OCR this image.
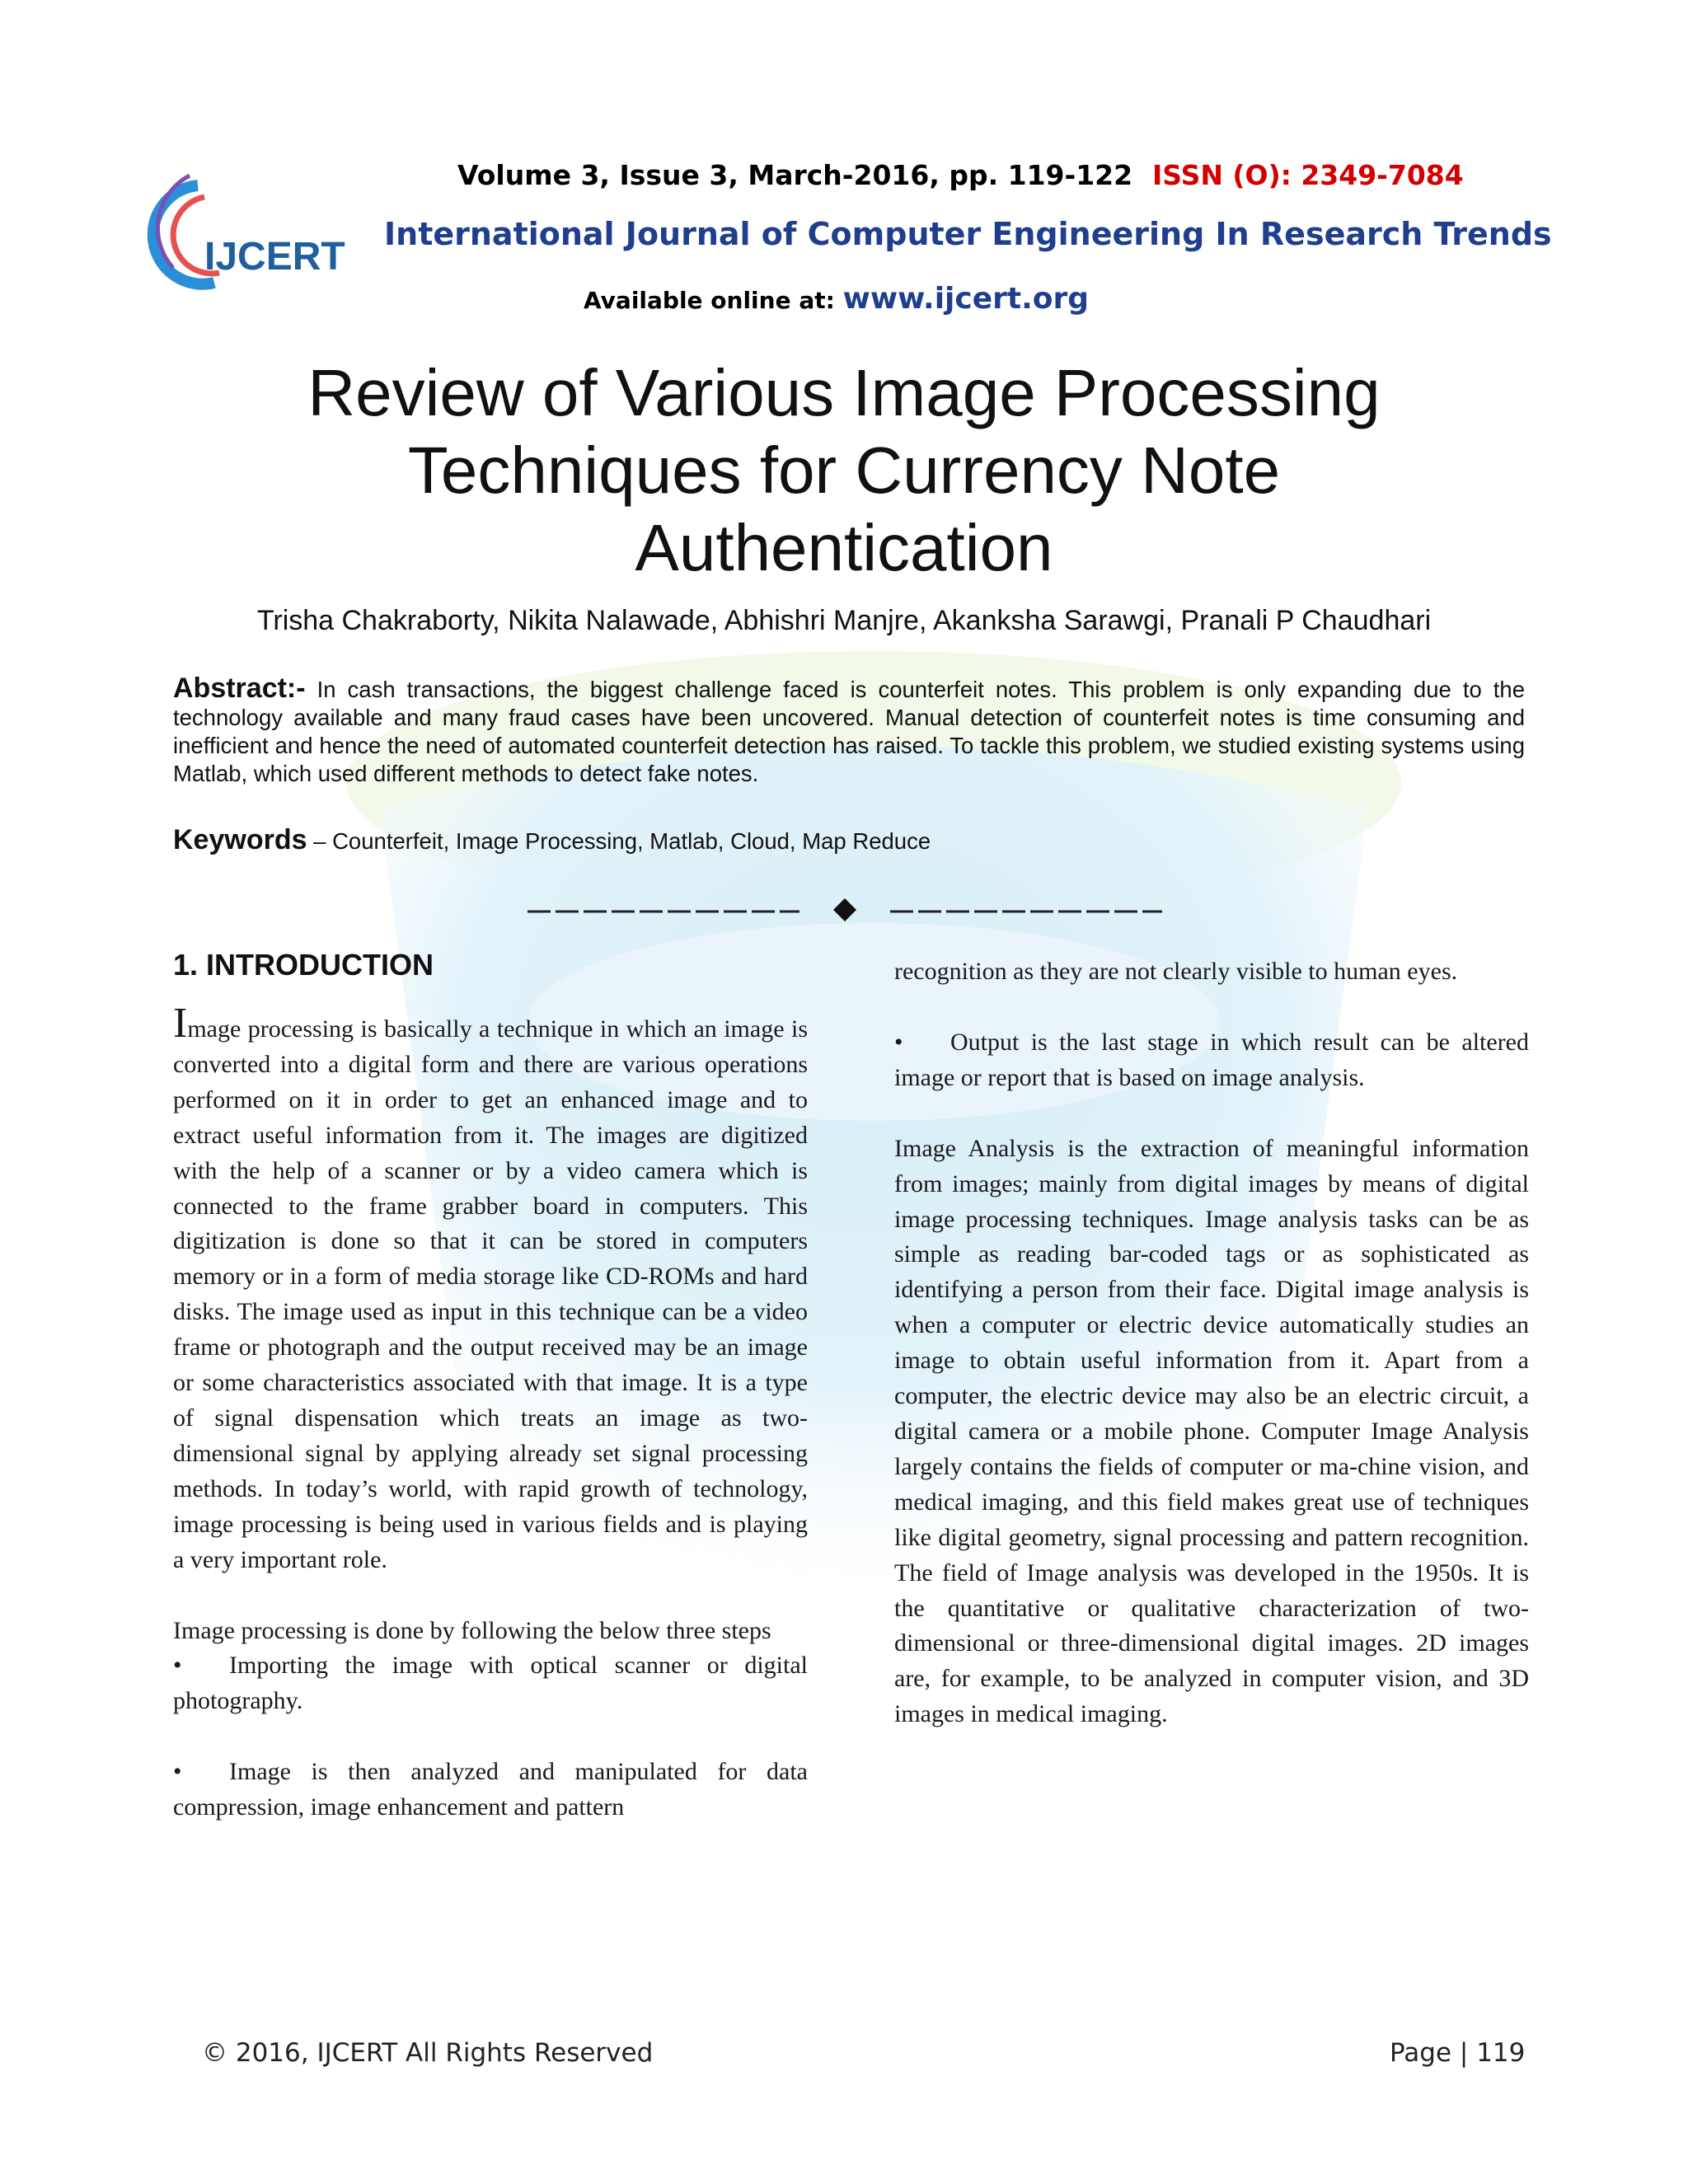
IJCERT
Volume 3, Issue 3, March-2016, pp. 119-122 ISSN (O): 2349-7084
International Journal of Computer Engineering In Research Trends
Available online at: www.ijcert.org
Review of Various Image Processing
Techniques for Currency Note
Authentication
Trisha Chakraborty, Nikita Nalawade, Abhishri Manjre, Akanksha Sarawgi, Pranali P Chaudhari
Abstract:- In cash transactions, the biggest challenge faced is counterfeit notes. This problem is only expanding due to the technology available and many fraud cases have been uncovered. Manual detection of counterfeit notes is time consuming and inefficient and hence the need of automated counterfeit detection has raised. To tackle this problem, we studied existing systems using Matlab, which used different methods to detect fake notes.
Keywords – Counterfeit, Image Processing, Matlab, Cloud, Map Reduce
1. INTRODUCTION

Image processing is basically a technique in which an image is converted into a digital form and there are various operations performed on it in order to get an enhanced image and to extract useful information from it. The images are digitized with the help of a scanner or by a video camera which is connected to the frame grabber board in computers. This digitization is done so that it can be stored in computers memory or in a form of media storage like CD-ROMs and hard disks. The image used as input in this technique can be a video frame or photograph and the output received may be an image or some characteristics associated with that image. It is a type of signal dispensation which treats an image as two-dimensional signal by applying already set signal processing methods. In today’s world, with rapid growth of technology, image processing is being used in various fields and is playing a very important role.

Image processing is done by following the below three steps

• Importing the image with optical scanner or digital photography.

• Image is then analyzed and manipulated for data compression, image enhancement and pattern

recognition as they are not clearly visible to human eyes.

• Output is the last stage in which result can be altered image or report that is based on image analysis.

Image Analysis is the extraction of meaningful information from images; mainly from digital images by means of digital image processing techniques. Image analysis tasks can be as simple as reading bar-coded tags or as sophisticated as identifying a person from their face. Digital image analysis is when a computer or electric device automatically studies an image to obtain useful information from it. Apart from a computer, the electric device may also be an electric circuit, a digital camera or a mobile phone. Computer Image Analysis largely contains the fields of computer or ma-chine vision, and medical imaging, and this field makes great use of techniques like digital geometry, signal processing and pattern recognition. The field of Image analysis was developed in the 1950s. It is the quantitative or qualitative characterization of two-dimensional or three-dimensional digital images. 2D images are, for example, to be analyzed in computer vision, and 3D images in medical imaging.

© 2016, IJCERT All Rights Reserved	Page | 119
